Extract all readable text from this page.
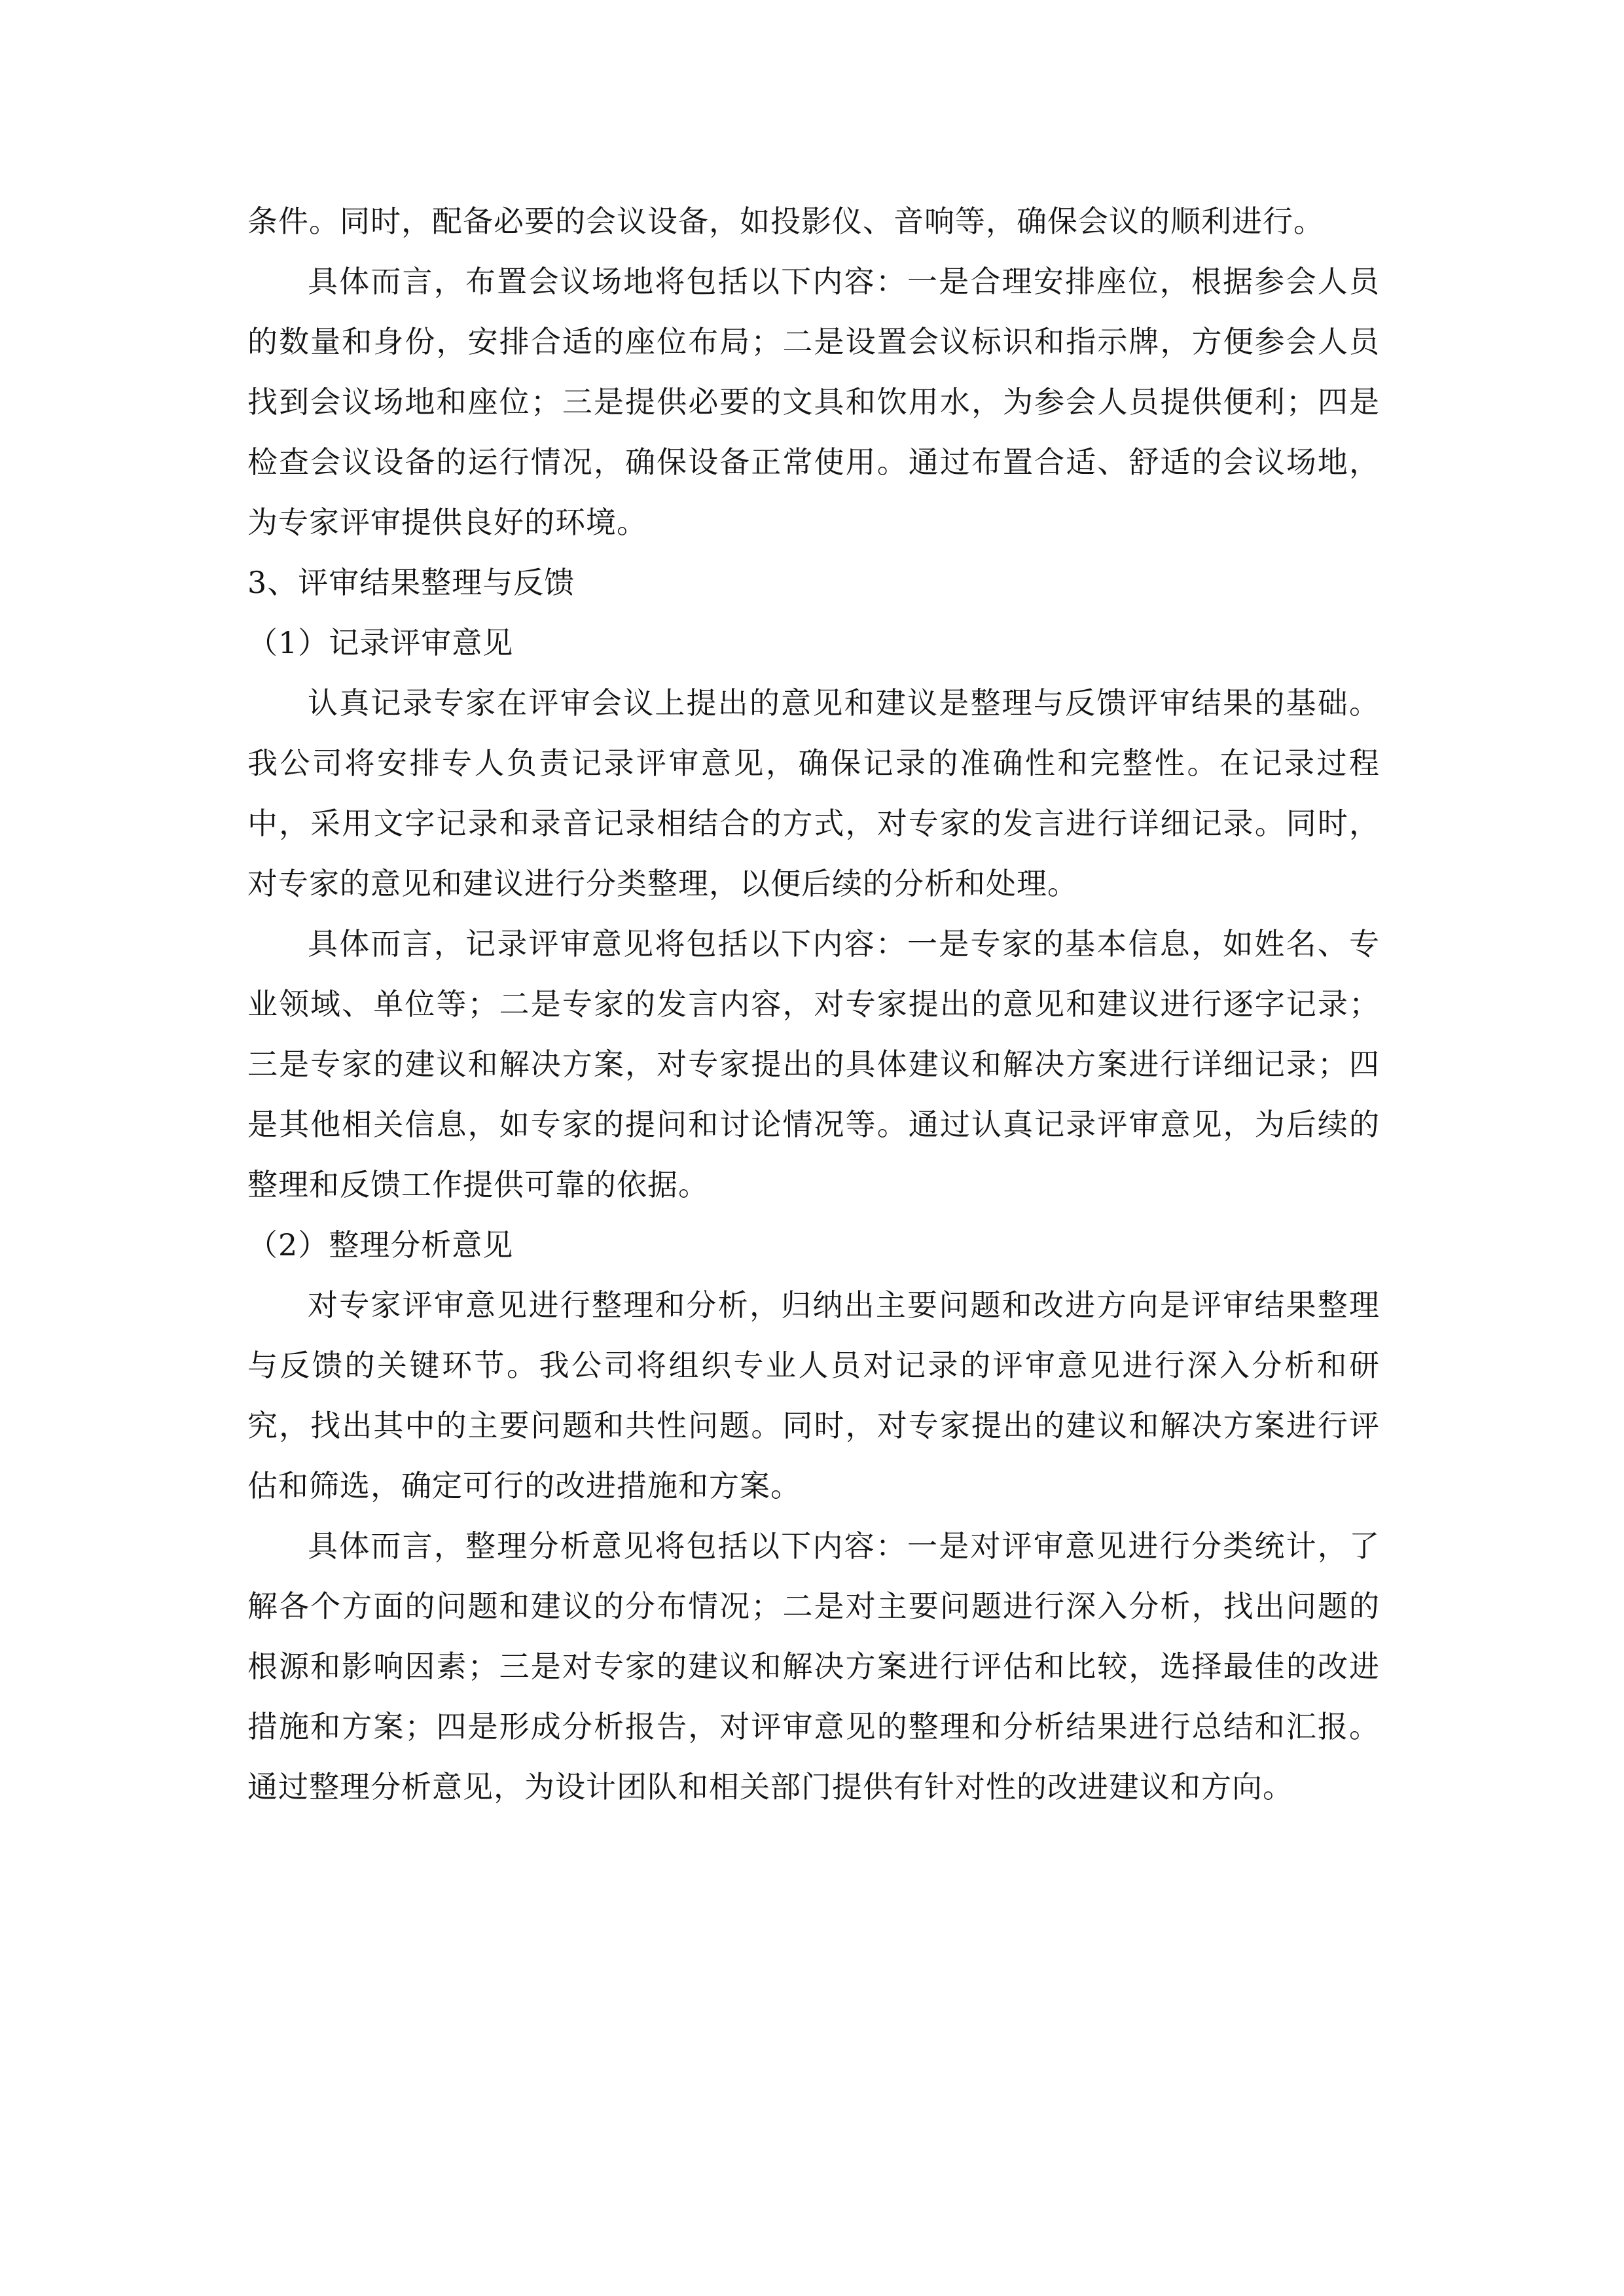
条件。同时，配备必要的会议设备，如投影仪、音响等，确保会议的顺利进行。

具体而言，布置会议场地将包括以下内容：一是合理安排座位，根据参会人员的数量和身份，安排合适的座位布局；二是设置会议标识和指示牌，方便参会人员找到会议场地和座位；三是提供必要的文具和饮用水，为参会人员提供便利；四是检查会议设备的运行情况，确保设备正常使用。通过布置合适、舒适的会议场地，为专家评审提供良好的环境。

3、评审结果整理与反馈

（1）记录评审意见

认真记录专家在评审会议上提出的意见和建议是整理与反馈评审结果的基础。我公司将安排专人负责记录评审意见，确保记录的准确性和完整性。在记录过程中，采用文字记录和录音记录相结合的方式，对专家的发言进行详细记录。同时，对专家的意见和建议进行分类整理，以便后续的分析和处理。

具体而言，记录评审意见将包括以下内容：一是专家的基本信息，如姓名、专业领域、单位等；二是专家的发言内容，对专家提出的意见和建议进行逐字记录；三是专家的建议和解决方案，对专家提出的具体建议和解决方案进行详细记录；四是其他相关信息，如专家的提问和讨论情况等。通过认真记录评审意见，为后续的整理和反馈工作提供可靠的依据。

（2）整理分析意见

对专家评审意见进行整理和分析，归纳出主要问题和改进方向是评审结果整理与反馈的关键环节。我公司将组织专业人员对记录的评审意见进行深入分析和研究，找出其中的主要问题和共性问题。同时，对专家提出的建议和解决方案进行评估和筛选，确定可行的改进措施和方案。

具体而言，整理分析意见将包括以下内容：一是对评审意见进行分类统计，了解各个方面的问题和建议的分布情况；二是对主要问题进行深入分析，找出问题的根源和影响因素；三是对专家的建议和解决方案进行评估和比较，选择最佳的改进措施和方案；四是形成分析报告，对评审意见的整理和分析结果进行总结和汇报。通过整理分析意见，为设计团队和相关部门提供有针对性的改进建议和方向。
